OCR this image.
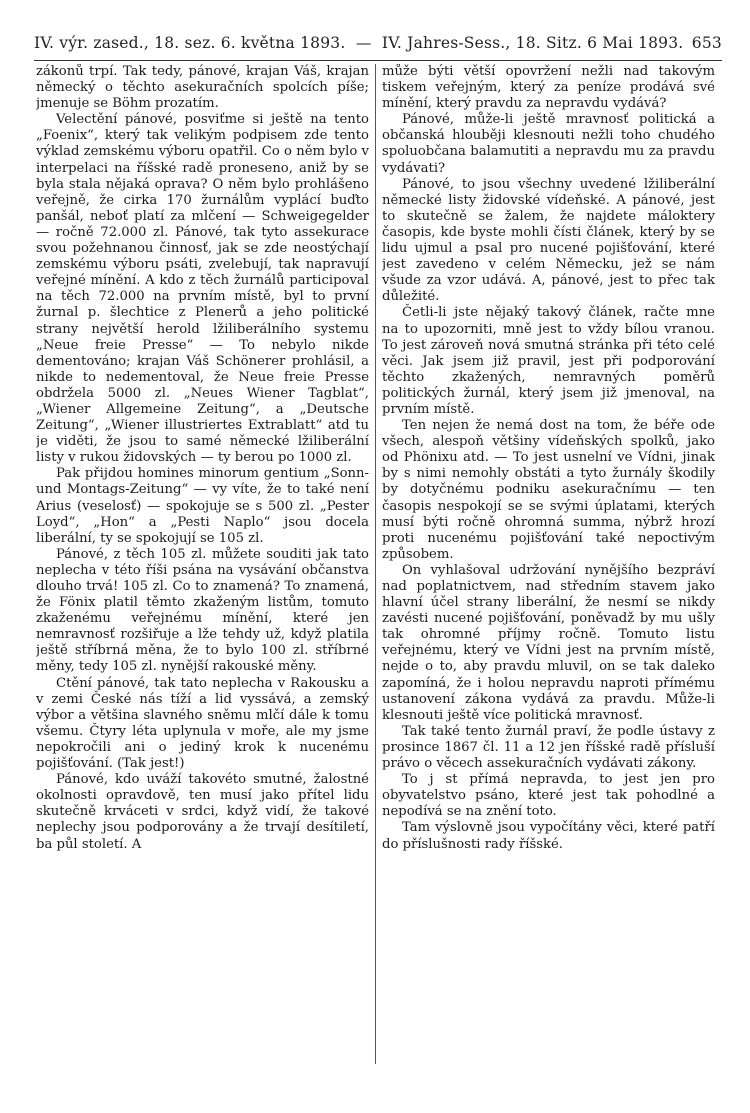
IV. výr. zased., 18. sez. 6. května 1893. — IV. Jahres-Sess., 18. Sitz. 6 Mai 1893. 653

zákonů trpí. Tak tedy, pánové, krajan Váš, krajan německý o těchto asekuračních spolcích píše; jmenuje se Böhm prozatím.

Velectění pánové, posviťme si ještě na tento „Foenix“, který tak velikým podpisem zde tento výklad zemskému výboru opatřil. Co o něm bylo v interpelaci na říšské radě proneseno, aniž by se byla stala nějaká oprava? O něm bylo prohlášeno veřejně, že cirka 170 žurnálům vyplácí buďto panšál, neboť platí za mlčení — Schweigegelder — ročně 72.000 zl. Pánové, tak tyto assekurace svou požehnanou činnosť, jak se zde neostýchají zemskému výboru psáti, zvelebují, tak napravují veřejné mínění. A kdo z těch žurnálů participoval na těch 72.000 na prvním místě, byl to první žurnal p. šlechtice z Plenerů a jeho politické strany největší herold lžiliberálního systemu „Neue freie Presse“ — To nebylo nikde dementováno; krajan Váš Schönerer prohlásil, a nikde to nedementoval, že Neue freie Presse obdržela 5000 zl. „Neues Wiener Tagblat“, „Wiener Allgemeine Zeitung“, a „Deutsche Zeitung“, „Wiener illustriertes Extrablatt“ atd tu je viděti, že jsou to samé německé lžiliberální listy v rukou židovských — ty berou po 1000 zl.

Pak přijdou homines minorum gentium „Sonn- und Montags-Zeitung“ — vy víte, že to také není Arius (veselosť) — spokojuje se s 500 zl. „Pester Loyd“, „Hon“ a „Pesti Naplo“ jsou docela liberální, ty se spokojují se 105 zl.

Pánové, z těch 105 zl. můžete souditi jak tato neplecha v této říši psána na vysávání občanstva dlouho trvá! 105 zl. Co to znamená? To znamená, že Fönix platil těmto zkaženým listům, tomuto zkaženému veřejnému mínění, které jen nemravnosť rozšiřuje a lže tehdy už, když platila ještě stříbrná měna, že to bylo 100 zl. stříbrné měny, tedy 105 zl. nynější rakouské měny.

Ctění pánové, tak tato neplecha v Rakousku a v zemi České nás tíží a lid vyssává, a zemský výbor a většina slavného sněmu mlčí dále k tomu všemu. Čtyry léta uplynula v moře, ale my jsme nepokročili ani o jediný krok k nucenému pojišťování. (Tak jest!)

Pánové, kdo uváží takovéto smutné, žalostné okolnosti opravdově, ten musí jako přítel lidu skutečně krváceti v srdci, když vidí, že takové neplechy jsou podporovány a že trvají desítiletí, ba půl století. A

může býti větší opovržení nežli nad takovým tiskem veřejným, který za peníze prodává své mínění, který pravdu za nepravdu vydává?

Pánové, může-li ještě mravnosť politická a občanská hlouběji klesnouti nežli toho chudého spoluobčana balamutiti a nepravdu mu za pravdu vydávati?

Pánové, to jsou všechny uvedené lžiliberální německé listy židovské vídeňské. A pánové, jest to skutečně se žalem, že najdete máloktery časopis, kde byste mohli čísti článek, který by se lidu ujmul a psal pro nucené pojišťování, které jest zavedeno v celém Německu, jež se nám všude za vzor udává. A, pánové, jest to přec tak důležité.

Četli-li jste nějaký takový článek, račte mne na to upozorniti, mně jest to vždy bílou vranou. To jest zároveň nová smutná stránka při této celé věci. Jak jsem již pravil, jest při podporování těchto zkažených, nemravných poměrů politických žurnál, který jsem již jmenoval, na prvním místě.

Ten nejen že nemá dost na tom, že béře ode všech, alespoň většiny vídeňských spolků, jako od Phönixu atd. — To jest usnelní ve Vídni, jinak by s nimi nemohly obstáti a tyto žurnály škodily by dotyčnému podniku asekuračnímu — ten časopis nespokojí se se svými úplatami, kterých musí býti ročně ohromná summa, nýbrž hrozí proti nucenému pojišťování také nepoctivým způsobem.

On vyhlašoval udržování nynějšího bezpráví nad poplatnictvem, nad středním stavem jako hlavní účel strany liberální, že nesmí se nikdy zavésti nucené pojišťování, poněvadž by mu ušly tak ohromné příjmy ročně. Tomuto listu veřejnému, který ve Vídni jest na prvním místě, nejde o to, aby pravdu mluvil, on se tak daleko zapomíná, že i holou nepravdu naproti přímému ustanovení zákona vydává za pravdu. Může-li klesnouti ještě více politická mravnosť.

Tak také tento žurnál praví, že podle ústavy z prosince 1867 čl. 11 a 12 jen říšské radě přísluší právo o věcech assekuračních vydávati zákony.

To j st přímá nepravda, to jest jen pro obyvatelstvo psáno, které jest tak pohodlné a nepodívá se na znění toto.

Tam výslovně jsou vypočítány věci, které patří do příslušnosti rady říšské.
